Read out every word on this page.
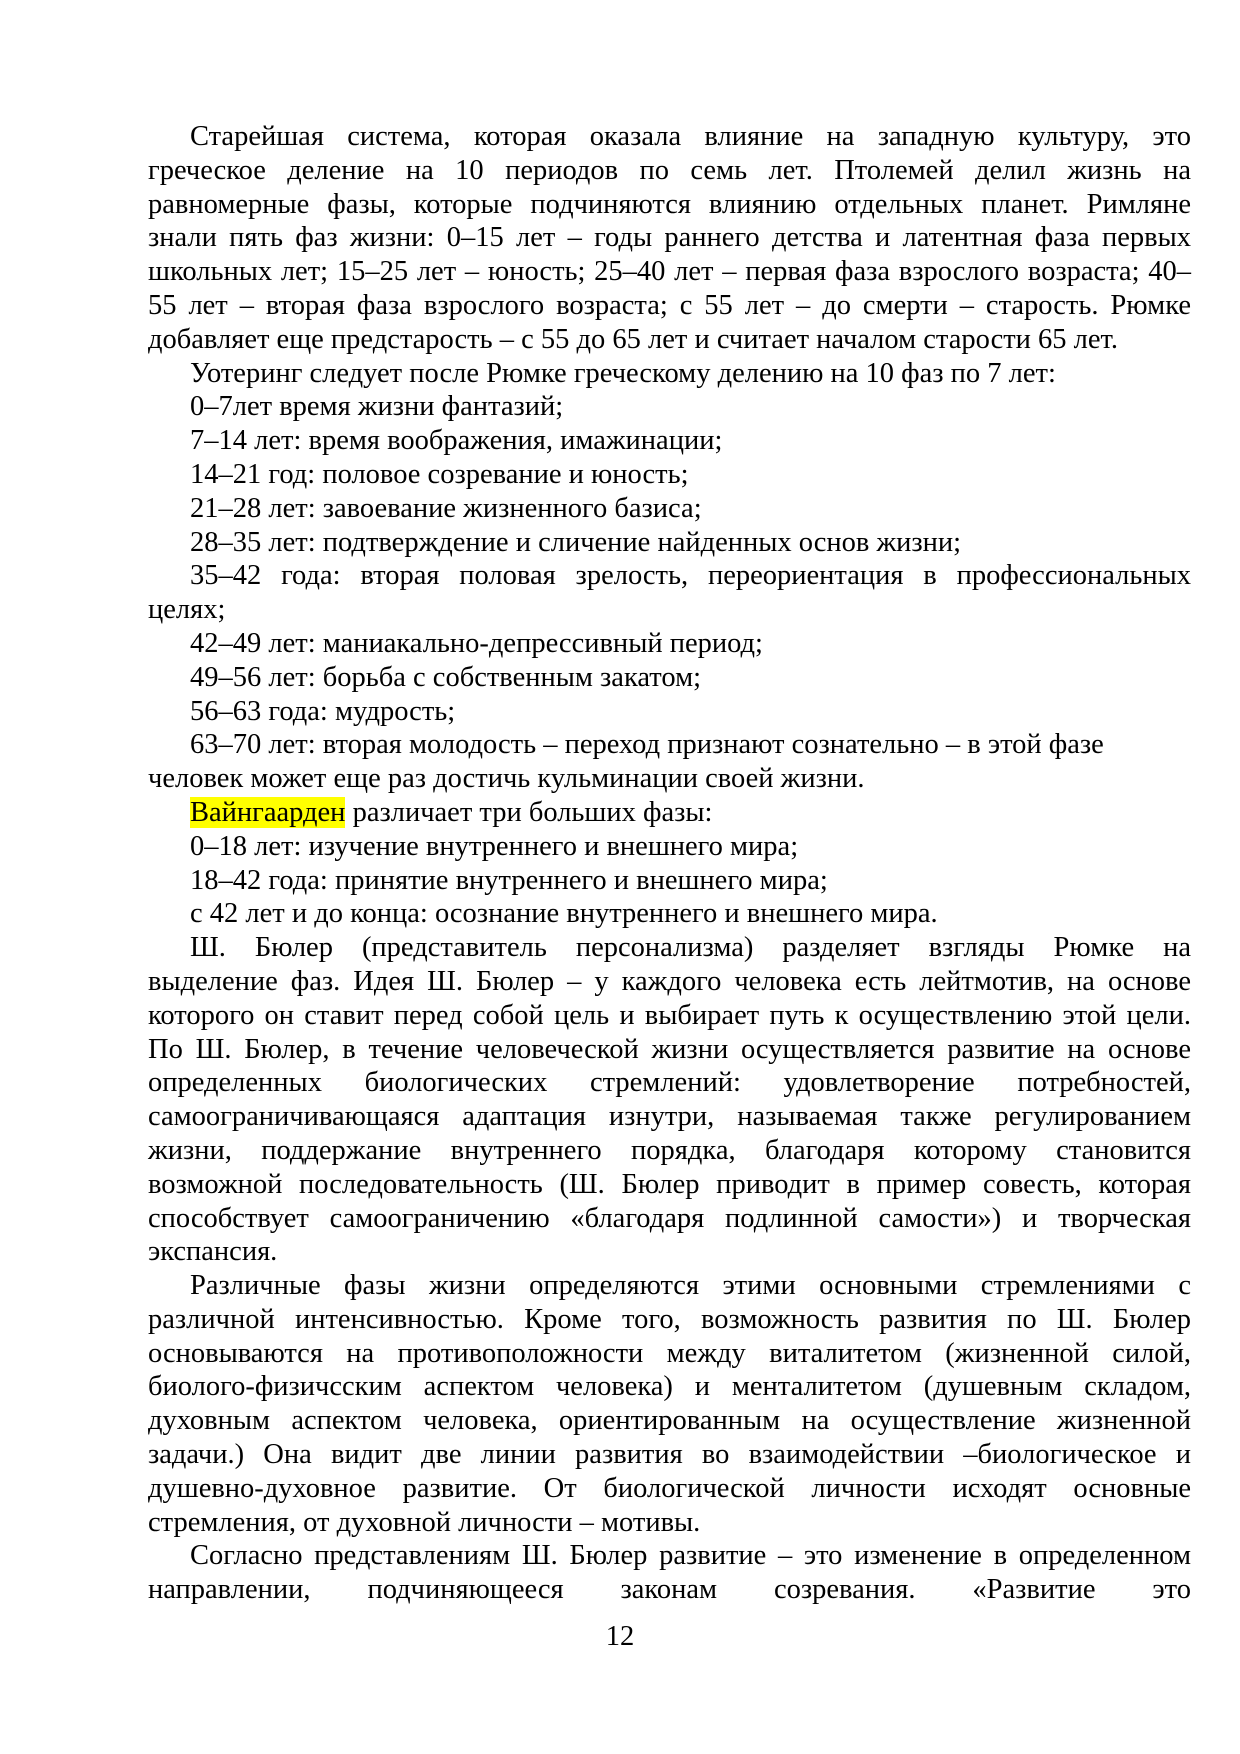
Старейшая система, которая оказала влияние на западную культуру, это
греческое деление на 10 периодов по семь лет. Птолемей делил жизнь на
равномерные фазы, которые подчиняются влиянию отдельных планет. Римляне
знали пять фаз жизни: 0–15 лет – годы раннего детства и латентная фаза первых
школьных лет; 15–25 лет – юность; 25–40 лет – первая фаза взрослого возраста; 40–
55 лет – вторая фаза взрослого возраста; с 55 лет – до смерти – старость. Рюмке
добавляет еще предстарость – с 55 до 65 лет и считает началом старости 65 лет.
Уотеринг следует после Рюмке греческому делению на 10 фаз по 7 лет:
0–7лет время жизни фантазий;
7–14 лет: время воображения, имажинации;
14–21 год: половое созревание и юность;
21–28 лет: завоевание жизненного базиса;
28–35 лет: подтверждение и сличение найденных основ жизни;
35–42 года: вторая половая зрелость, переориентация в профессиональных
целях;
42–49 лет: маниакально-депрессивный период;
49–56 лет: борьба с собственным закатом;
56–63 года: мудрость;
63–70 лет: вторая молодость – переход признают сознательно – в этой фазе
человек может еще раз достичь кульминации своей жизни.
Вайнгаарден различает три больших фазы:
0–18 лет: изучение внутреннего и внешнего мира;
18–42 года: принятие внутреннего и внешнего мира;
с 42 лет и до конца: осознание внутреннего и внешнего мира.
Ш. Бюлер (представитель персонализма) разделяет взгляды Рюмке на
выделение фаз. Идея Ш. Бюлер – у каждого человека есть лейтмотив, на основе
которого он ставит перед собой цель и выбирает путь к осуществлению этой цели.
По Ш. Бюлер, в течение человеческой жизни осуществляется развитие на основе
определенных биологических стремлений: удовлетворение потребностей,
самоограничивающаяся адаптация изнутри, называемая также регулированием
жизни, поддержание внутреннего порядка, благодаря которому становится
возможной последовательность (Ш. Бюлер приводит в пример совесть, которая
способствует самоограничению «благодаря подлинной самости») и творческая
экспансия.
Различные фазы жизни определяются этими основными стремлениями с
различной интенсивностью. Кроме того, возможность развития по Ш. Бюлер
основываются на противоположности между виталитетом (жизненной силой,
биолого-физичсским аспектом человека) и менталитетом (душевным складом,
духовным аспектом человека, ориентированным на осуществление жизненной
задачи.) Она видит две линии развития во взаимодействии –биологическое и
душевно-духовное развитие. От биологической личности исходят основные
стремления, от духовной личности – мотивы.
Согласно представлениям Ш. Бюлер развитие – это изменение в определенном
направлении, подчиняющееся законам созревания. «Развитие это
12
